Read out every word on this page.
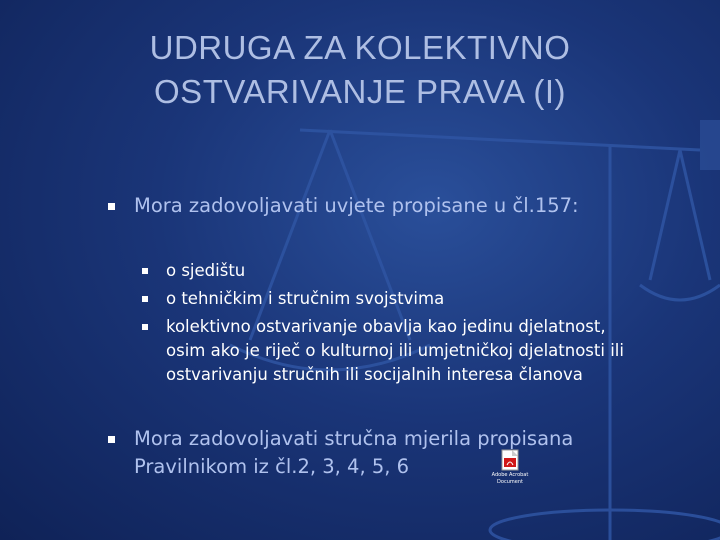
UDRUGA ZA KOLEKTIVNO
OSTVARIVANJE PRAVA (I)
Mora zadovoljavati uvjete propisane u čl.157:
o sjedištu
o tehničkim i stručnim svojstvima
kolektivno ostvarivanje obavlja kao jedinu djelatnost,
osim ako je riječ o kulturnoj ili umjetničkoj djelatnosti ili
ostvarivanju stručnih ili socijalnih interesa članova
Mora zadovoljavati stručna mjerila propisana
Pravilnikom iz čl.2, 3, 4, 5, 6	Adobe Acrobat
Document
